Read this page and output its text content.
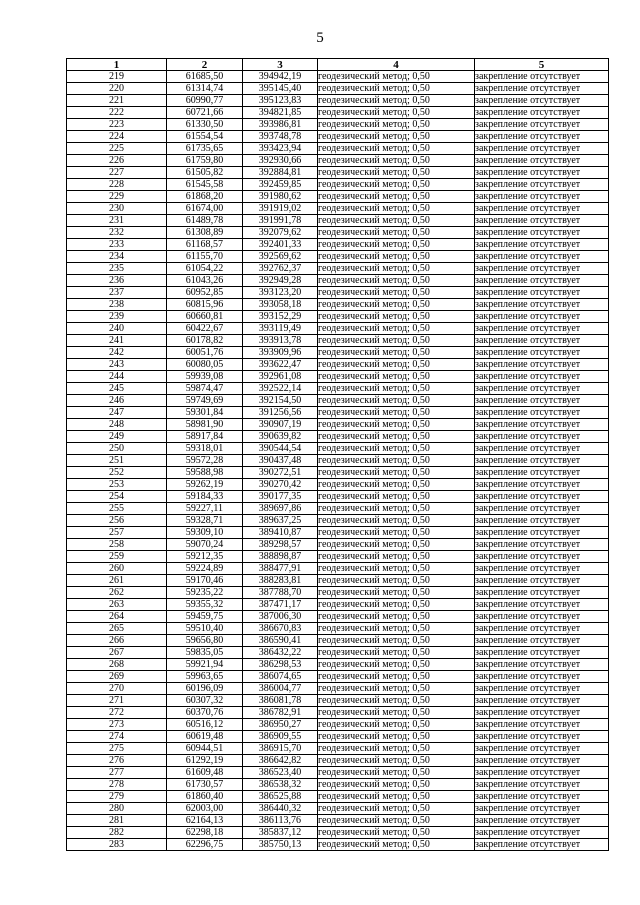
5
1	2	3	4	5
219	61685,50	394942,19	геодезический метод; 0,50	закрепление отсутствует
220	61314,74	395145,40	геодезический метод; 0,50	закрепление отсутствует
221	60990,77	395123,83	геодезический метод; 0,50	закрепление отсутствует
222	60721,66	394821,85	геодезический метод; 0,50	закрепление отсутствует
223	61330,50	393986,81	геодезический метод; 0,50	закрепление отсутствует
224	61554,54	393748,78	геодезический метод; 0,50	закрепление отсутствует
225	61735,65	393423,94	геодезический метод; 0,50	закрепление отсутствует
226	61759,80	392930,66	геодезический метод; 0,50	закрепление отсутствует
227	61505,82	392884,81	геодезический метод; 0,50	закрепление отсутствует
228	61545,58	392459,85	геодезический метод; 0,50	закрепление отсутствует
229	61868,20	391980,62	геодезический метод; 0,50	закрепление отсутствует
230	61674,00	391919,02	геодезический метод; 0,50	закрепление отсутствует
231	61489,78	391991,78	геодезический метод; 0,50	закрепление отсутствует
232	61308,89	392079,62	геодезический метод; 0,50	закрепление отсутствует
233	61168,57	392401,33	геодезический метод; 0,50	закрепление отсутствует
234	61155,70	392569,62	геодезический метод; 0,50	закрепление отсутствует
235	61054,22	392762,37	геодезический метод; 0,50	закрепление отсутствует
236	61043,26	392949,28	геодезический метод; 0,50	закрепление отсутствует
237	60952,85	393123,20	геодезический метод; 0,50	закрепление отсутствует
238	60815,96	393058,18	геодезический метод; 0,50	закрепление отсутствует
239	60660,81	393152,29	геодезический метод; 0,50	закрепление отсутствует
240	60422,67	393119,49	геодезический метод; 0,50	закрепление отсутствует
241	60178,82	393913,78	геодезический метод; 0,50	закрепление отсутствует
242	60051,76	393909,96	геодезический метод; 0,50	закрепление отсутствует
243	60080,05	393622,47	геодезический метод; 0,50	закрепление отсутствует
244	59939,08	392961,08	геодезический метод; 0,50	закрепление отсутствует
245	59874,47	392522,14	геодезический метод; 0,50	закрепление отсутствует
246	59749,69	392154,50	геодезический метод; 0,50	закрепление отсутствует
247	59301,84	391256,56	геодезический метод; 0,50	закрепление отсутствует
248	58981,90	390907,19	геодезический метод; 0,50	закрепление отсутствует
249	58917,84	390639,82	геодезический метод; 0,50	закрепление отсутствует
250	59318,01	390544,54	геодезический метод; 0,50	закрепление отсутствует
251	59572,28	390437,48	геодезический метод; 0,50	закрепление отсутствует
252	59588,98	390272,51	геодезический метод; 0,50	закрепление отсутствует
253	59262,19	390270,42	геодезический метод; 0,50	закрепление отсутствует
254	59184,33	390177,35	геодезический метод; 0,50	закрепление отсутствует
255	59227,11	389697,86	геодезический метод; 0,50	закрепление отсутствует
256	59328,71	389637,25	геодезический метод; 0,50	закрепление отсутствует
257	59309,10	389410,87	геодезический метод; 0,50	закрепление отсутствует
258	59070,24	389298,57	геодезический метод; 0,50	закрепление отсутствует
259	59212,35	388898,87	геодезический метод; 0,50	закрепление отсутствует
260	59224,89	388477,91	геодезический метод; 0,50	закрепление отсутствует
261	59170,46	388283,81	геодезический метод; 0,50	закрепление отсутствует
262	59235,22	387788,70	геодезический метод; 0,50	закрепление отсутствует
263	59355,32	387471,17	геодезический метод; 0,50	закрепление отсутствует
264	59459,75	387006,30	геодезический метод; 0,50	закрепление отсутствует
265	59510,40	386670,83	геодезический метод; 0,50	закрепление отсутствует
266	59656,80	386590,41	геодезический метод; 0,50	закрепление отсутствует
267	59835,05	386432,22	геодезический метод; 0,50	закрепление отсутствует
268	59921,94	386298,53	геодезический метод; 0,50	закрепление отсутствует
269	59963,65	386074,65	геодезический метод; 0,50	закрепление отсутствует
270	60196,09	386004,77	геодезический метод; 0,50	закрепление отсутствует
271	60307,32	386081,78	геодезический метод; 0,50	закрепление отсутствует
272	60370,76	386782,91	геодезический метод; 0,50	закрепление отсутствует
273	60516,12	386950,27	геодезический метод; 0,50	закрепление отсутствует
274	60619,48	386909,55	геодезический метод; 0,50	закрепление отсутствует
275	60944,51	386915,70	геодезический метод; 0,50	закрепление отсутствует
276	61292,19	386642,82	геодезический метод; 0,50	закрепление отсутствует
277	61609,48	386523,40	геодезический метод; 0,50	закрепление отсутствует
278	61730,57	386538,32	геодезический метод; 0,50	закрепление отсутствует
279	61860,40	386525,88	геодезический метод; 0,50	закрепление отсутствует
280	62003,00	386440,32	геодезический метод; 0,50	закрепление отсутствует
281	62164,13	386113,76	геодезический метод; 0,50	закрепление отсутствует
282	62298,18	385837,12	геодезический метод; 0,50	закрепление отсутствует
283	62296,75	385750,13	геодезический метод; 0,50	закрепление отсутствует
